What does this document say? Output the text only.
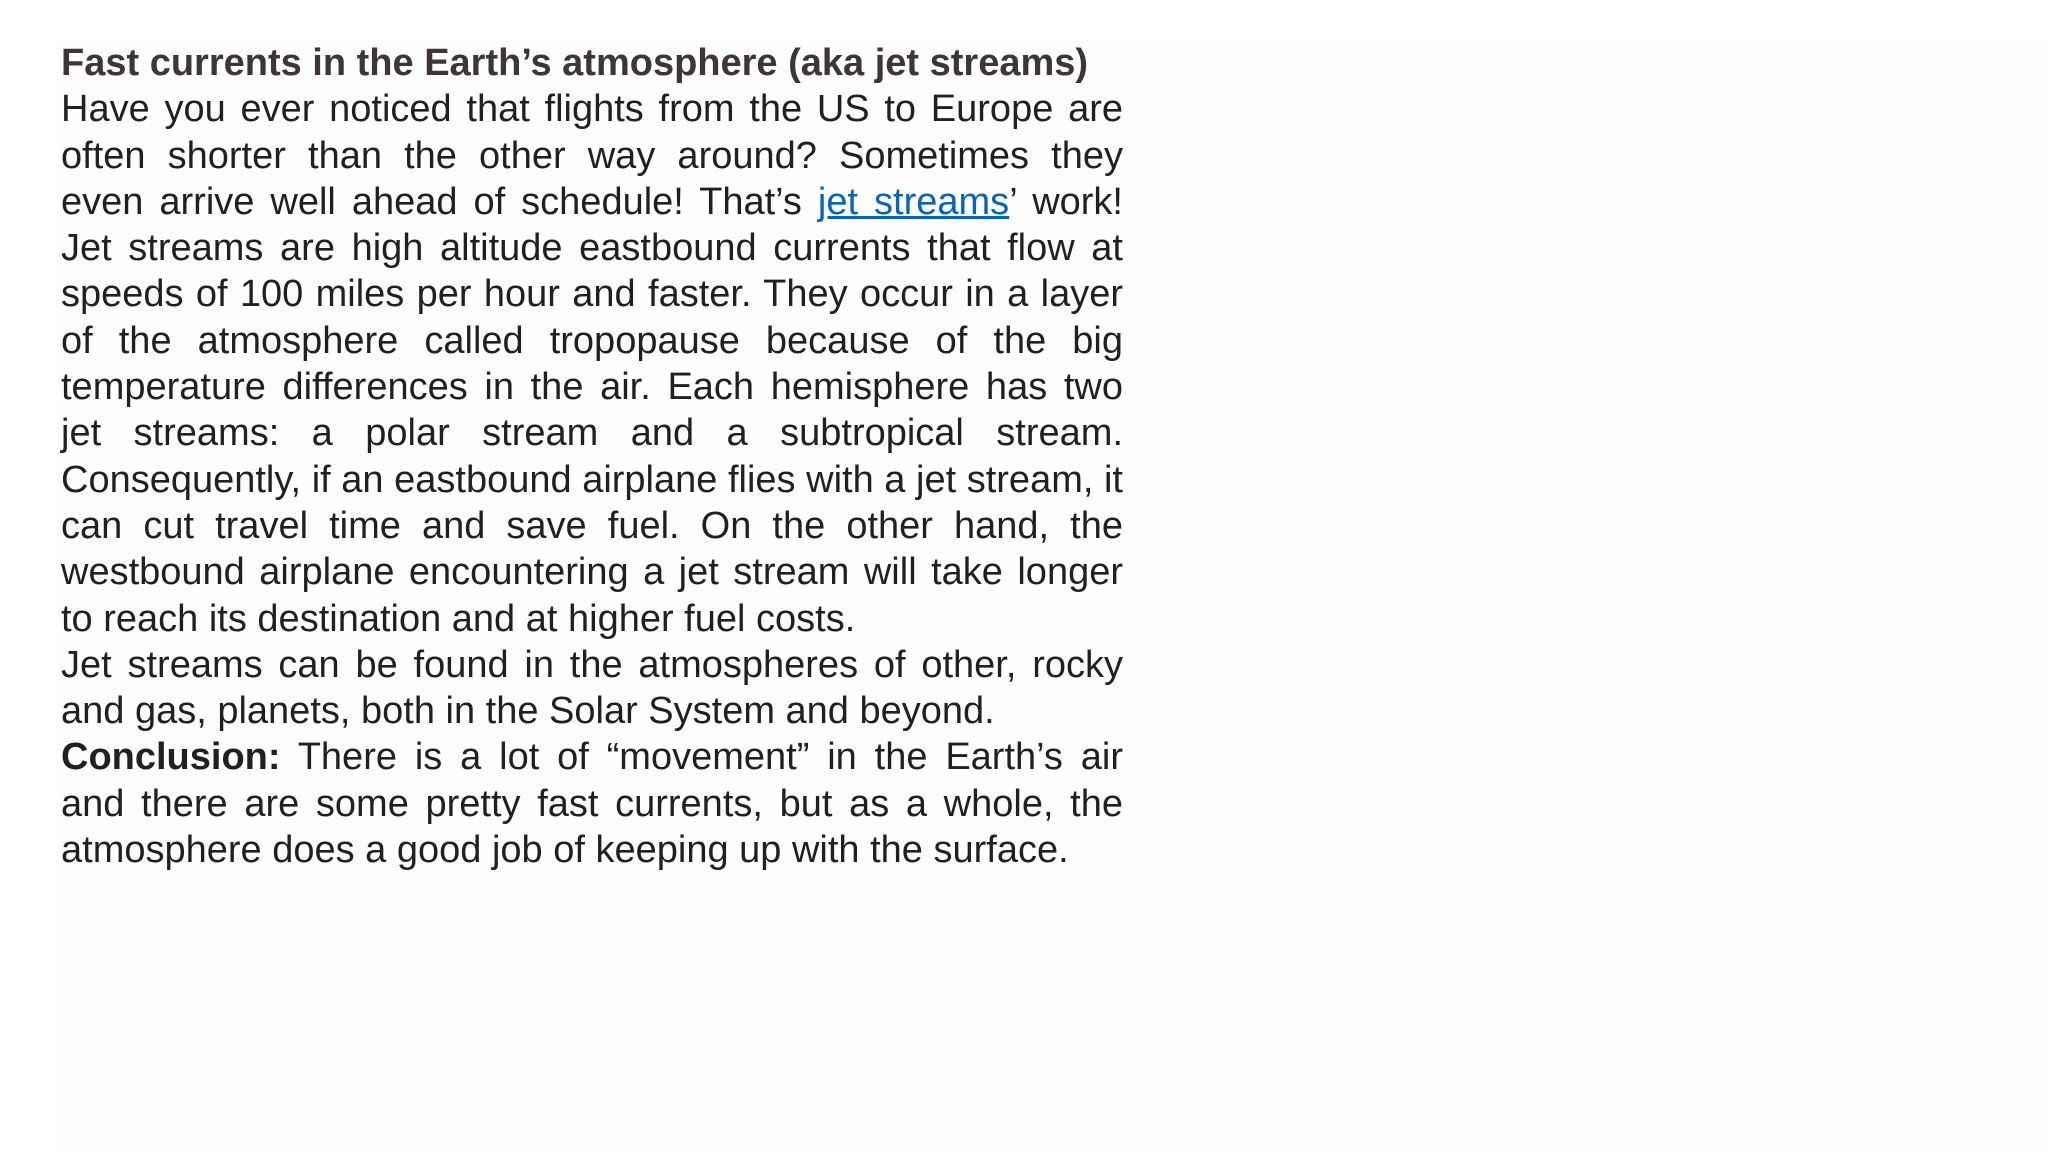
Fast currents in the Earth’s atmosphere (aka jet streams)

Have you ever noticed that flights from the US to Europe are often shorter than the other way around? Sometimes they even arrive well ahead of schedule! That’s jet streams’ work! Jet streams are high altitude eastbound currents that flow at speeds of 100 miles per hour and faster. They occur in a layer of the atmosphere called tropopause because of the big temperature differences in the air. Each hemisphere has two jet streams: a polar stream and a subtropical stream. Consequently, if an eastbound airplane flies with a jet stream, it can cut travel time and save fuel. On the other hand, the westbound airplane encountering a jet stream will take longer to reach its destination and at higher fuel costs.

Jet streams can be found in the atmospheres of other, rocky and gas, planets, both in the Solar System and beyond.

Conclusion: There is a lot of “movement” in the Earth’s air and there are some pretty fast currents, but as a whole, the atmosphere does a good job of keeping up with the surface.
